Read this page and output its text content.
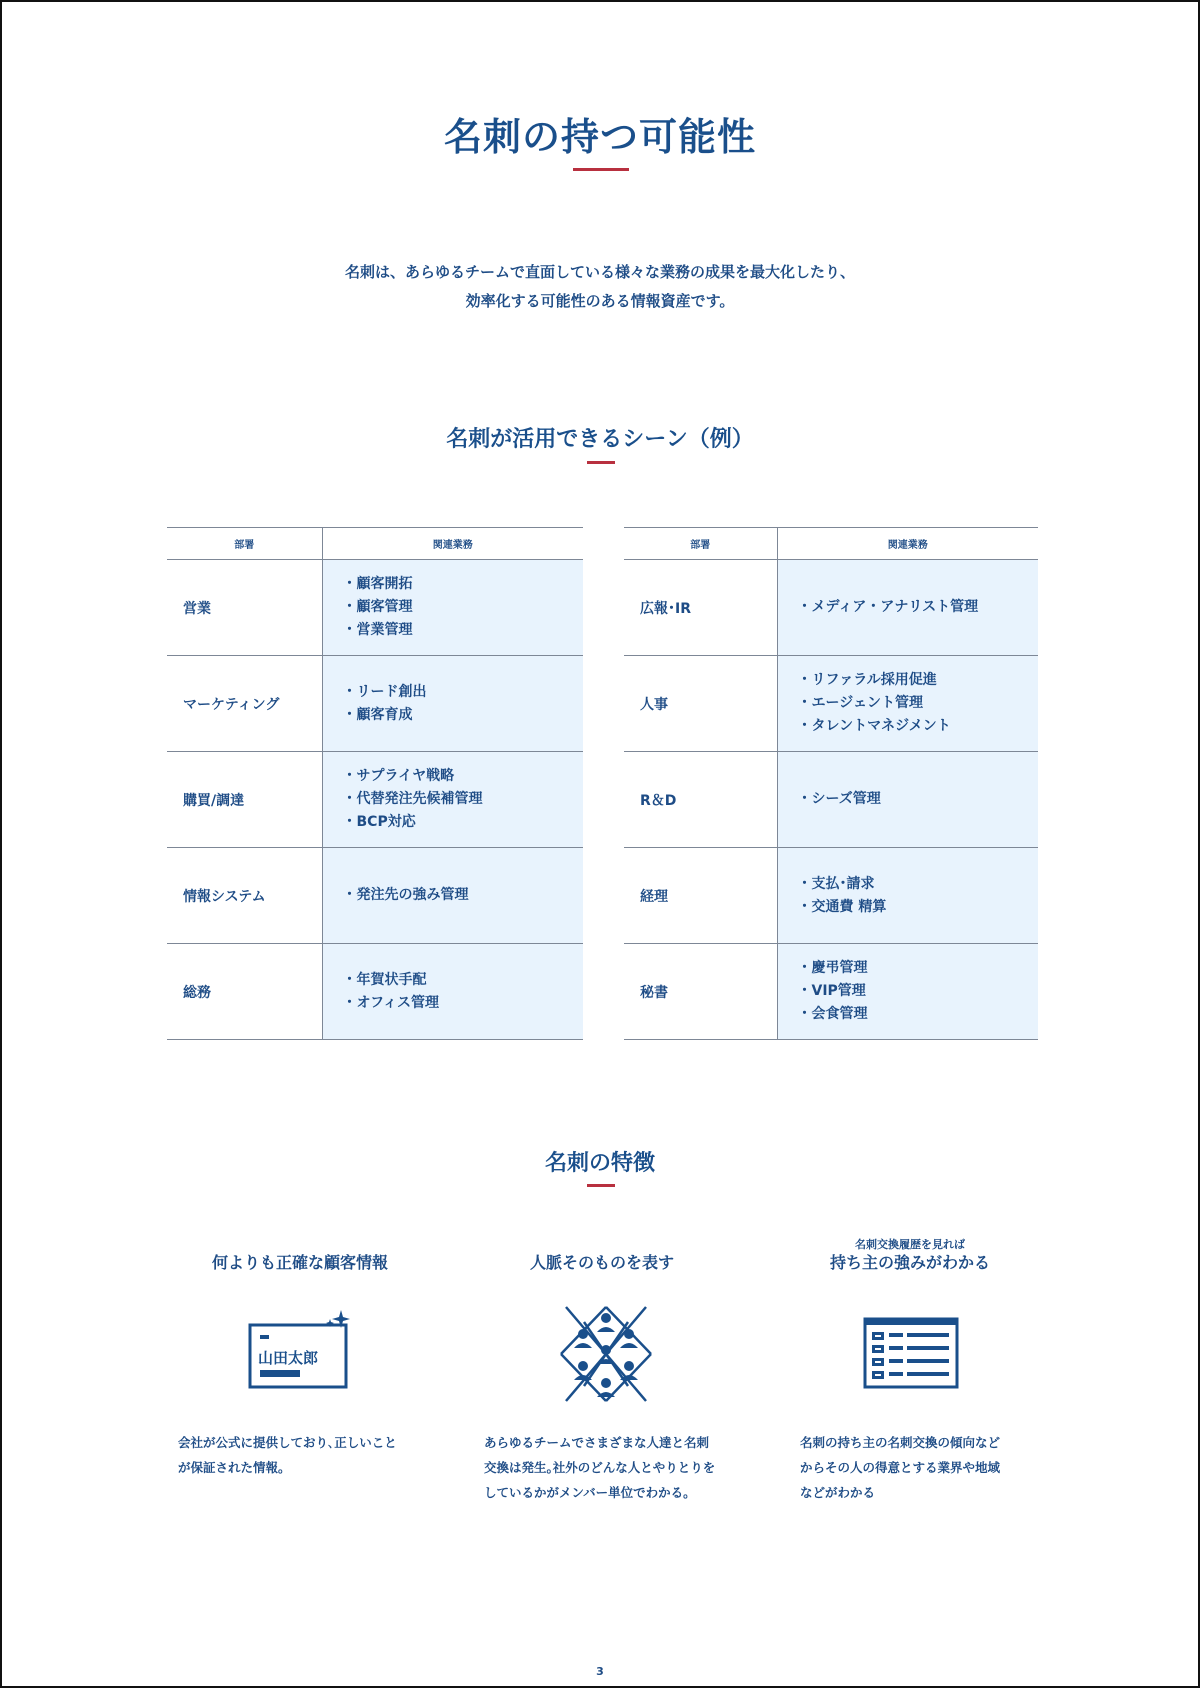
名刺の持つ可能性
名刺は、あらゆるチームで直面している様々な業務の成果を最大化したり、
効率化する可能性のある情報資産です。
名刺が活用できるシーン（例）
部署	関連業務
営業	・顧客開拓
・顧客管理
・営業管理

マーケティング	・リード創出
・顧客育成

購買/調達	・サプライヤ戦略
・代替発注先候補管理
・BCP対応

情報システム	・発注先の強み管理

総務	・年賀状手配
・オフィス管理
部署	関連業務
広報･IR	・メディア・アナリスト管理

人事	・リファラル採用促進
・エージェント管理
・タレントマネジメント

R＆D	・シーズ管理

経理	・支払･請求
・交通費 精算

秘書	・慶弔管理
・VIP管理
・会食管理
名刺の特徴
何よりも正確な顧客情報
山田太郎
会社が公式に提供しており､正しいこと
が保証された情報。
人脈そのものを表す
あらゆるチームでさまざまな人達と名刺
交換は発生｡社外のどんな人とやりとりを
しているかがメンバー単位でわかる。
名刺交換履歴を見れば
持ち主の強みがわかる
名刺の持ち主の名刺交換の傾向など
からその人の得意とする業界や地域
などがわかる
3
